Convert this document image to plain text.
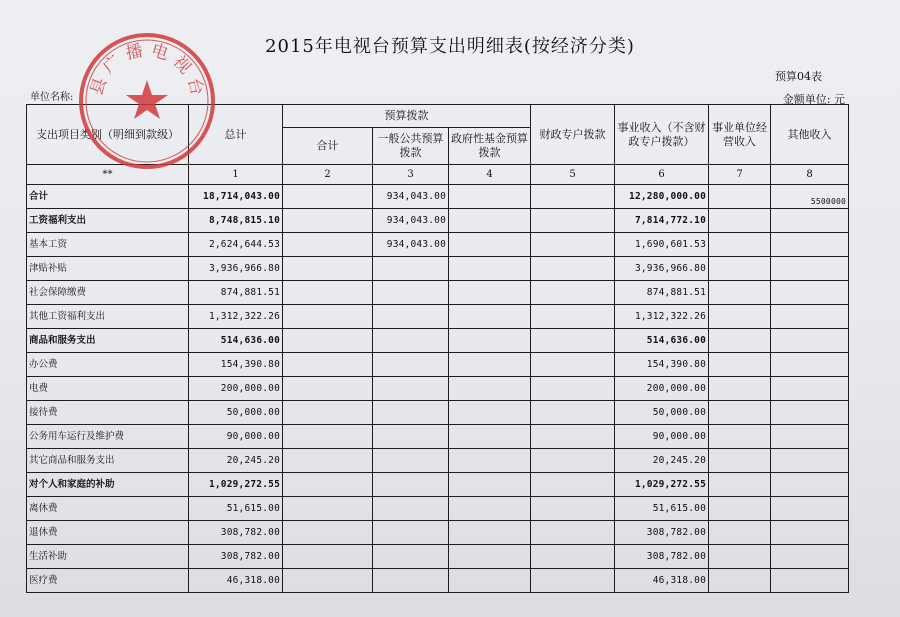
2015年电视台预算支出明细表(按经济分类)
预算04表
金额单位: 元
单位名称:
支出项目类别（明细到款级）	总计	预算拨款			财政专户拨款	事业收入（不含财政专户拨款）	事业单位经营收入	其他收入
		合计	一般公共预算拨款	政府性基金预算拨款				
**	1	2	3	4	5	6	7	8
合计	18,714,043.00		934,043.00			12,280,000.00		5500000
工资福利支出	8,748,815.10		934,043.00			7,814,772.10		
基本工资	2,624,644.53		934,043.00			1,690,601.53		
津贴补贴	3,936,966.80					3,936,966.80		
社会保障缴费	874,881.51					874,881.51		
其他工资福利支出	1,312,322.26					1,312,322.26		
商品和服务支出	514,636.00					514,636.00		
办公费	154,390.80					154,390.80		
电费	200,000.00					200,000.00		
接待费	50,000.00					50,000.00		
公务用车运行及维护费	90,000.00					90,000.00		
其它商品和服务支出	20,245.20					20,245.20		
对个人和家庭的补助	1,029,272.55					1,029,272.55		
离休费	51,615.00					51,615.00		
退休费	308,782.00					308,782.00		
生活补助	308,782.00					308,782.00		
医疗费	46,318.00					46,318.00		
县广播电视台
